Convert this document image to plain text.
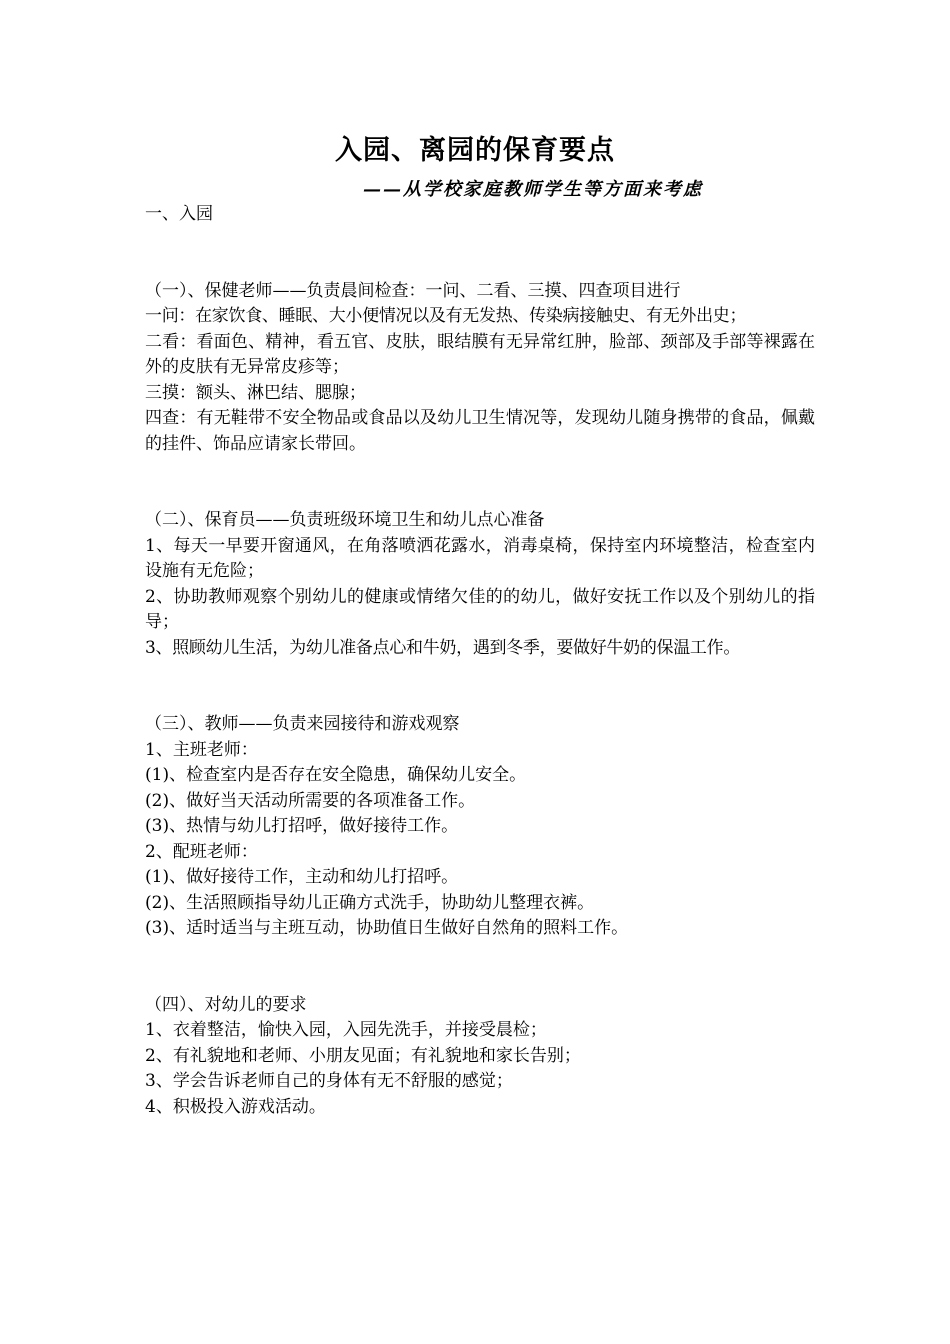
入园、离园的保育要点
——从学校家庭教师学生等方面来考虑
一、入园
（一）、保健老师——负责晨间检查：一问、二看、三摸、四查项目进行
一问：在家饮食、睡眠、大小便情况以及有无发热、传染病接触史、有无外出史；
二看：看面色、精神，看五官、皮肤，眼结膜有无异常红肿，脸部、颈部及手部等裸露在外的皮肤有无异常皮疹等；
三摸：额头、淋巴结、腮腺；
四查：有无鞋带不安全物品或食品以及幼儿卫生情况等，发现幼儿随身携带的食品，佩戴的挂件、饰品应请家长带回。
（二）、保育员——负责班级环境卫生和幼儿点心准备
1、每天一早要开窗通风，在角落喷洒花露水，消毒桌椅，保持室内环境整洁，检查室内设施有无危险；
2、协助教师观察个别幼儿的健康或情绪欠佳的的幼儿，做好安抚工作以及个别幼儿的指导；
3、照顾幼儿生活，为幼儿准备点心和牛奶，遇到冬季，要做好牛奶的保温工作。
（三）、教师——负责来园接待和游戏观察
1、主班老师：
(1)、检查室内是否存在安全隐患，确保幼儿安全。
(2)、做好当天活动所需要的各项准备工作。
(3)、热情与幼儿打招呼，做好接待工作。
2、配班老师：
(1)、做好接待工作，主动和幼儿打招呼。
(2)、生活照顾指导幼儿正确方式洗手，协助幼儿整理衣裤。
(3)、适时适当与主班互动，协助值日生做好自然角的照料工作。
（四）、对幼儿的要求
1、衣着整洁，愉快入园，入园先洗手，并接受晨检；
2、有礼貌地和老师、小朋友见面；有礼貌地和家长告别；
3、学会告诉老师自己的身体有无不舒服的感觉；
4、积极投入游戏活动。
